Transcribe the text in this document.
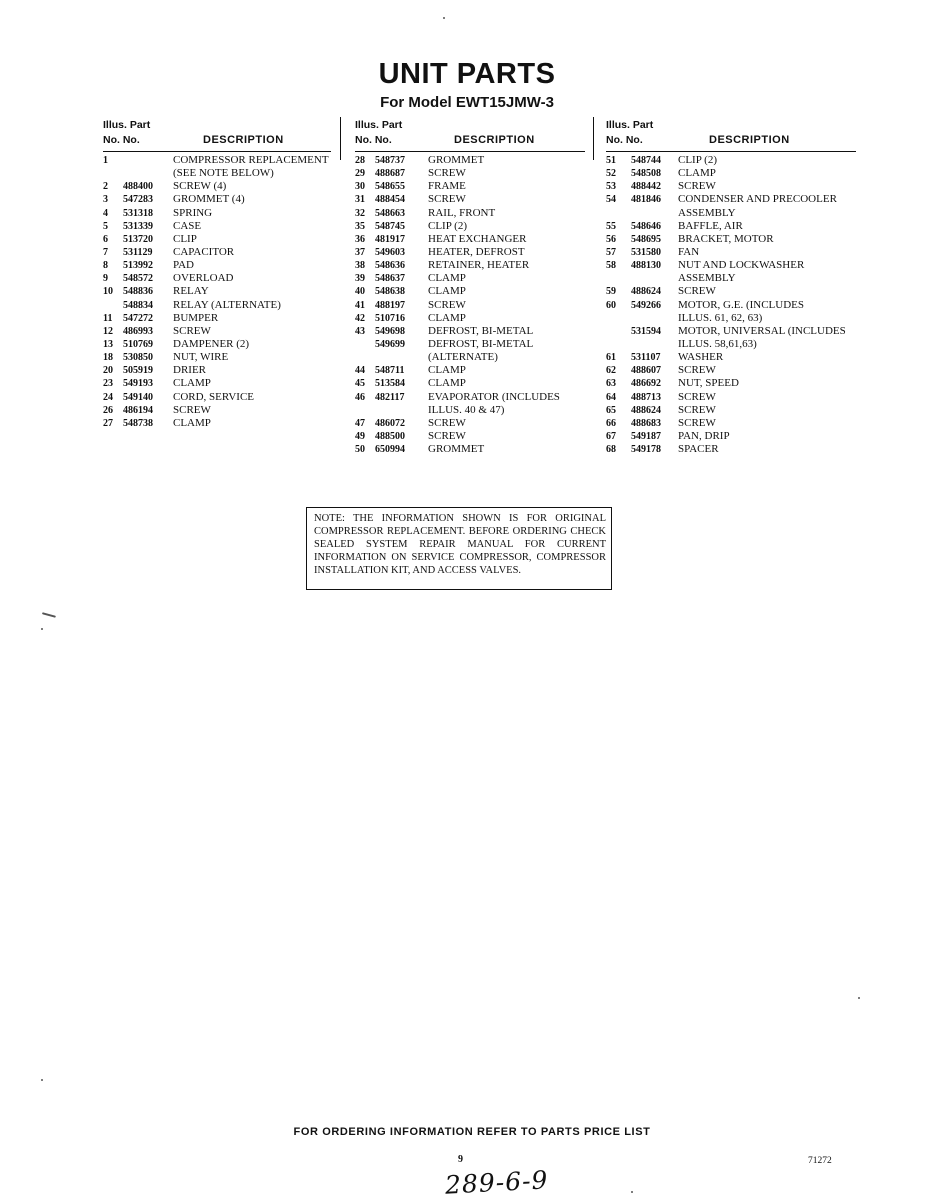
UNIT PARTS
For Model EWT15JMW-3
Illus. Part
No. No.	DESCRIPTION
1	COMPRESSOR REPLACEMENT
(SEE NOTE BELOW)
2 488400 SCREW (4)
3 547283 GROMMET (4)
4 531318 SPRING
5 531339 CASE
6 513720 CLIP
7 531129 CAPACITOR
8 513992 PAD
9 548572 OVERLOAD
10 548836 RELAY
548834 RELAY (ALTERNATE)
11 547272 BUMPER
12 486993 SCREW
13 510769 DAMPENER (2)
18 530850 NUT, WIRE
20 505919 DRIER
23 549193 CLAMP
24 549140 CORD, SERVICE
26 486194 SCREW
27 548738 CLAMP
Illus. Part
No. No.	DESCRIPTION
28 548737 GROMMET
29 488687 SCREW
30 548655 FRAME
31 488454 SCREW
32 548663 RAIL, FRONT
35 548745 CLIP (2)
36 481917 HEAT EXCHANGER
37 549603 HEATER, DEFROST
38 548636 RETAINER, HEATER
39 548637 CLAMP
40 548638 CLAMP
41 488197 SCREW
42 510716 CLAMP
43 549698 DEFROST, BI-METAL
549699 DEFROST, BI-METAL
(ALTERNATE)
44 548711 CLAMP
45 513584 CLAMP
46 482117 EVAPORATOR (INCLUDES
ILLUS. 40 & 47)
47 486072 SCREW
49 488500 SCREW
50 650994 GROMMET
Illus. Part
No. No.	DESCRIPTION
51 548744 CLIP (2)
52 548508 CLAMP
53 488442 SCREW
54 481846 CONDENSER AND PRECOOLER
ASSEMBLY
55 548646 BAFFLE, AIR
56 548695 BRACKET, MOTOR
57 531580 FAN
58 488130 NUT AND LOCKWASHER
ASSEMBLY
59 488624 SCREW
60 549266 MOTOR, G.E. (INCLUDES
ILLUS. 61, 62, 63)
531594 MOTOR, UNIVERSAL (INCLUDES
ILLUS. 58,61,63)
61 531107 WASHER
62 488607 SCREW
63 486692 NUT, SPEED
64 488713 SCREW
65 488624 SCREW
66 488683 SCREW
67 549187 PAN, DRIP
68 549178 SPACER
NOTE: THE INFORMATION SHOWN IS FOR ORIGINAL COMPRESSOR REPLACEMENT. BEFORE ORDERING CHECK SEALED SYSTEM REPAIR MANUAL FOR CURRENT INFORMATION ON SERVICE COMPRESSOR, COMPRESSOR INSTALLATION KIT, AND ACCESS VALVES.
FOR ORDERING INFORMATION REFER TO PARTS PRICE LIST
9	71272
289-6-9
